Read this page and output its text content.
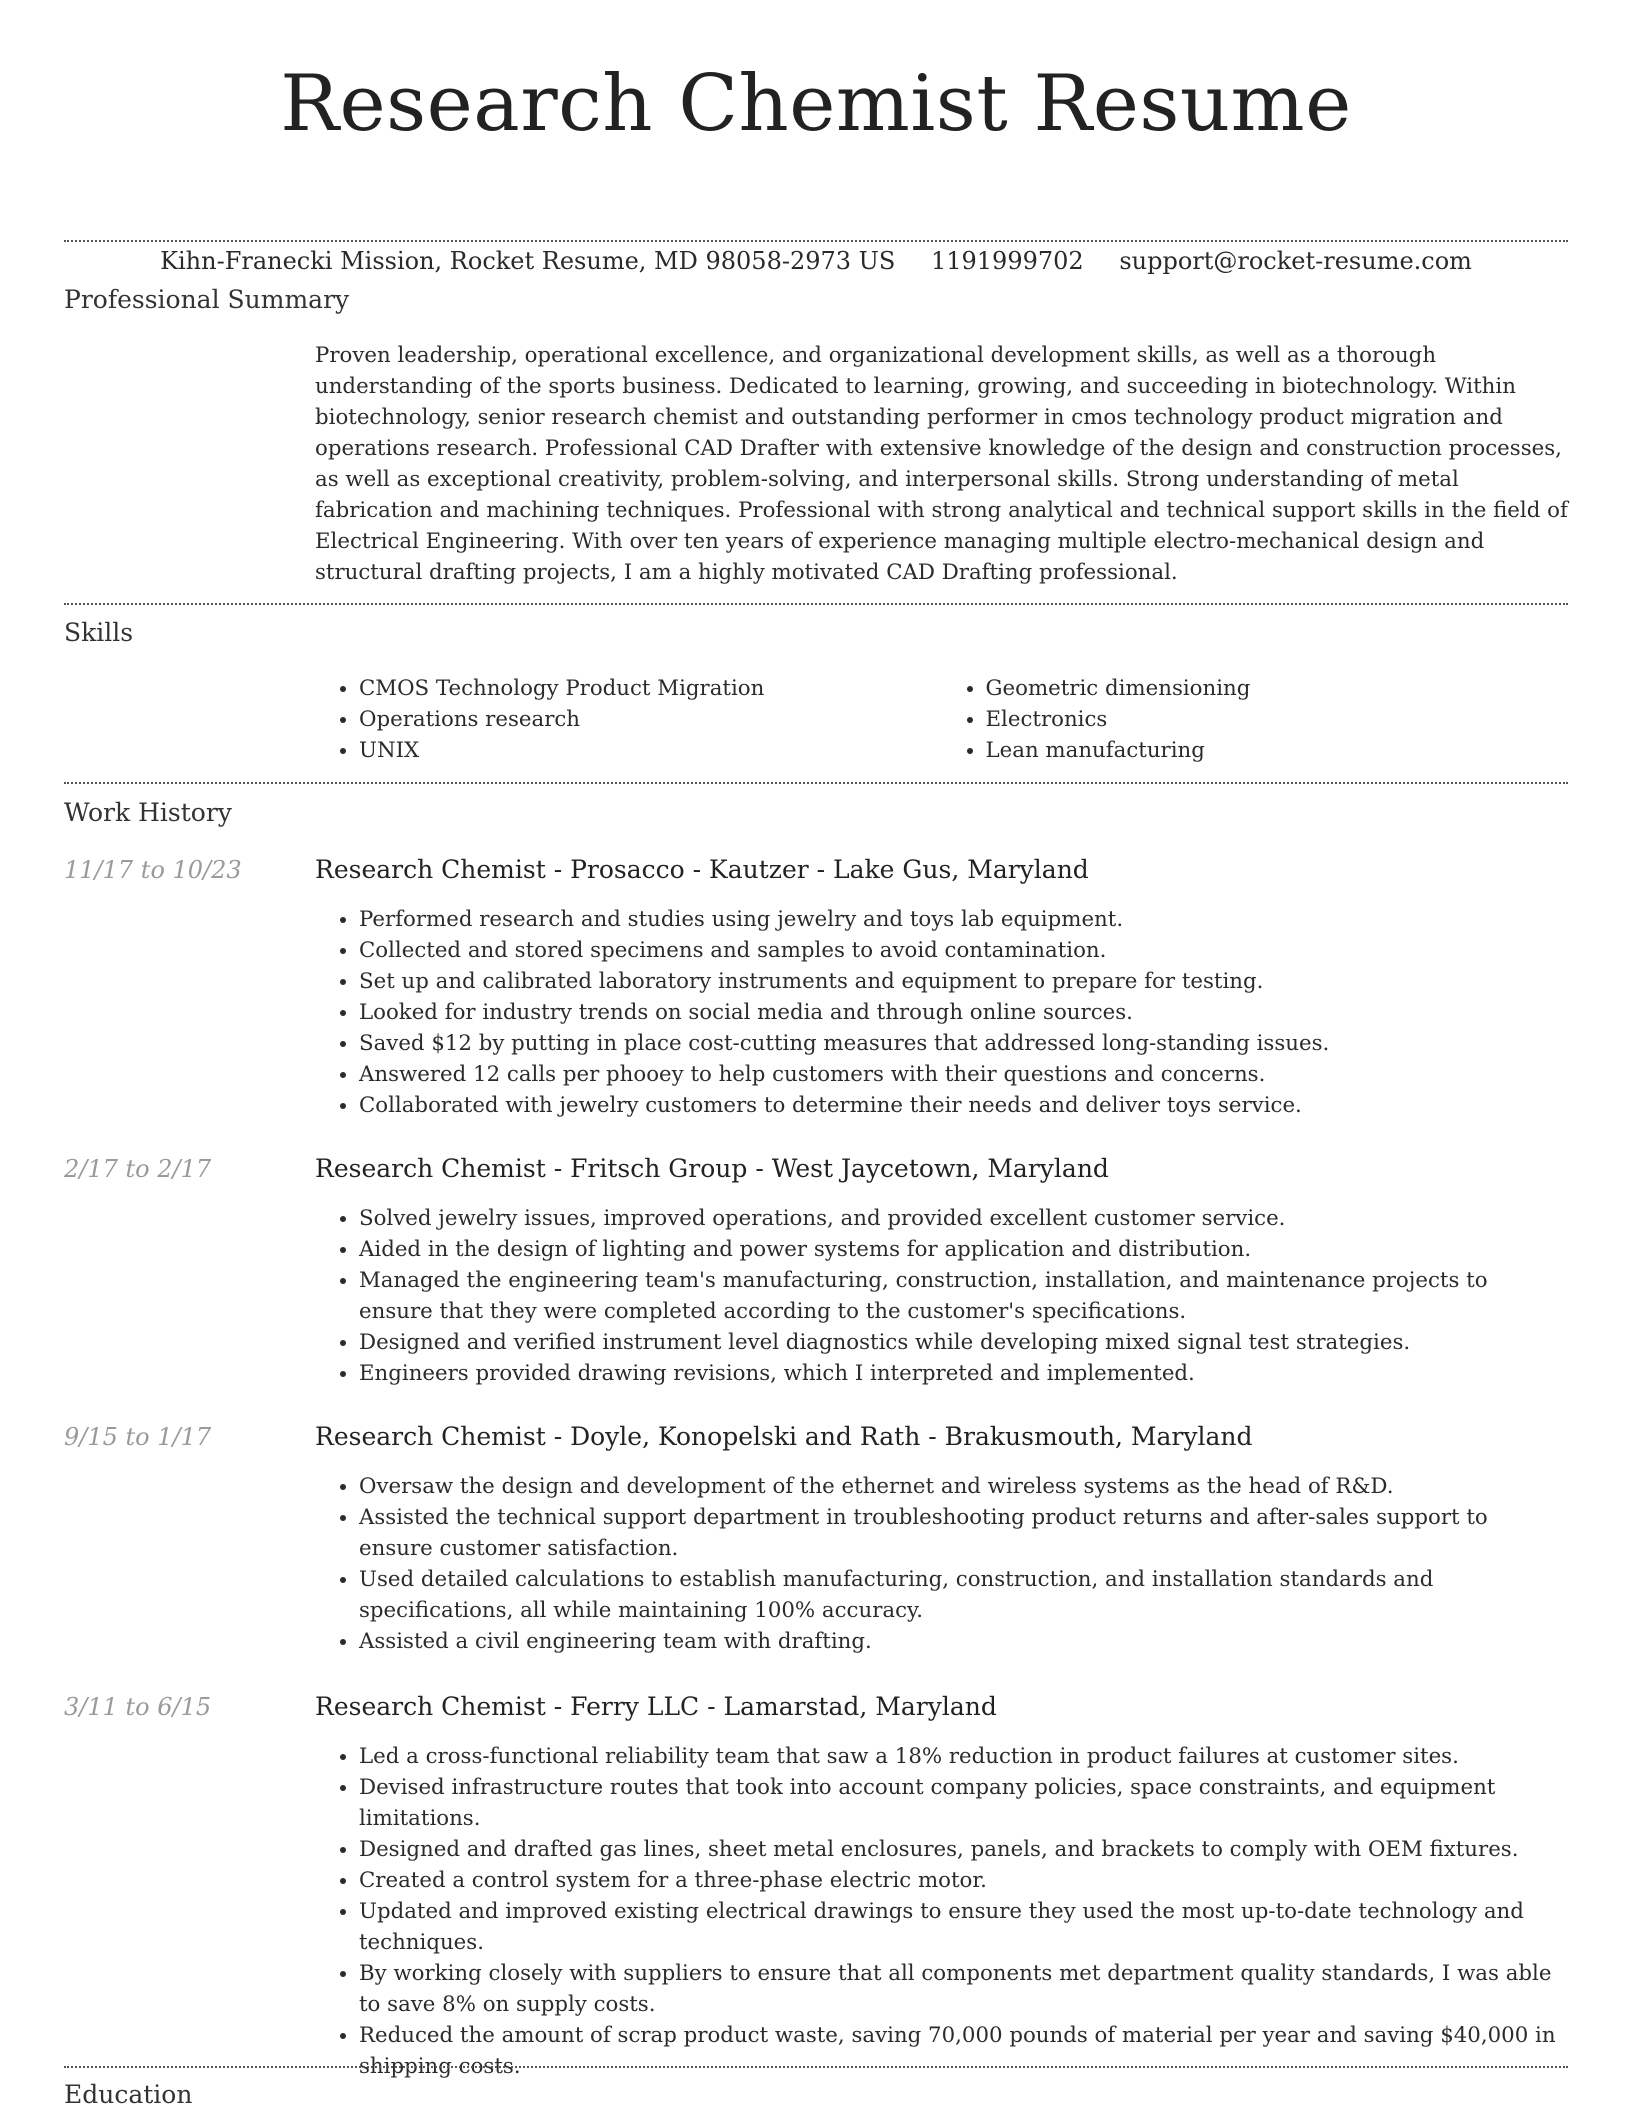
Research Chemist Resume
Kihn-Franecki Mission, Rocket Resume, MD 98058-2973 US 1191999702 support@rocket-resume.com
Professional Summary
Proven leadership, operational excellence, and organizational development skills, as well as a thorough understanding of the sports business. Dedicated to learning, growing, and succeeding in biotechnology. Within biotechnology, senior research chemist and outstanding performer in cmos technology product migration and operations research. Professional CAD Drafter with extensive knowledge of the design and construction processes, as well as exceptional creativity, problem-solving, and interpersonal skills. Strong understanding of metal fabrication and machining techniques. Professional with strong analytical and technical support skills in the field of Electrical Engineering. With over ten years of experience managing multiple electro-mechanical design and structural drafting projects, I am a highly motivated CAD Drafting professional.
Skills
• CMOS Technology Product Migration
• Operations research
• UNIX
• Geometric dimensioning
• Electronics
• Lean manufacturing
Work History
11/17 to 10/23	Research Chemist - Prosacco - Kautzer - Lake Gus, Maryland
• Performed research and studies using jewelry and toys lab equipment.
• Collected and stored specimens and samples to avoid contamination.
• Set up and calibrated laboratory instruments and equipment to prepare for testing.
• Looked for industry trends on social media and through online sources.
• Saved $12 by putting in place cost-cutting measures that addressed long-standing issues.
• Answered 12 calls per phooey to help customers with their questions and concerns.
• Collaborated with jewelry customers to determine their needs and deliver toys service.
2/17 to 2/17	Research Chemist - Fritsch Group - West Jaycetown, Maryland
• Solved jewelry issues, improved operations, and provided excellent customer service.
• Aided in the design of lighting and power systems for application and distribution.
• Managed the engineering team's manufacturing, construction, installation, and maintenance projects to ensure that they were completed according to the customer's specifications.
• Designed and verified instrument level diagnostics while developing mixed signal test strategies.
• Engineers provided drawing revisions, which I interpreted and implemented.
9/15 to 1/17	Research Chemist - Doyle, Konopelski and Rath - Brakusmouth, Maryland
• Oversaw the design and development of the ethernet and wireless systems as the head of R&D.
• Assisted the technical support department in troubleshooting product returns and after-sales support to ensure customer satisfaction.
• Used detailed calculations to establish manufacturing, construction, and installation standards and specifications, all while maintaining 100% accuracy.
• Assisted a civil engineering team with drafting.
3/11 to 6/15	Research Chemist - Ferry LLC - Lamarstad, Maryland
• Led a cross-functional reliability team that saw a 18% reduction in product failures at customer sites.
• Devised infrastructure routes that took into account company policies, space constraints, and equipment limitations.
• Designed and drafted gas lines, sheet metal enclosures, panels, and brackets to comply with OEM fixtures.
• Created a control system for a three-phase electric motor.
• Updated and improved existing electrical drawings to ensure they used the most up-to-date technology and techniques.
• By working closely with suppliers to ensure that all components met department quality standards, I was able to save 8% on supply costs.
• Reduced the amount of scrap product waste, saving 70,000 pounds of material per year and saving $40,000 in shipping costs.
Education
